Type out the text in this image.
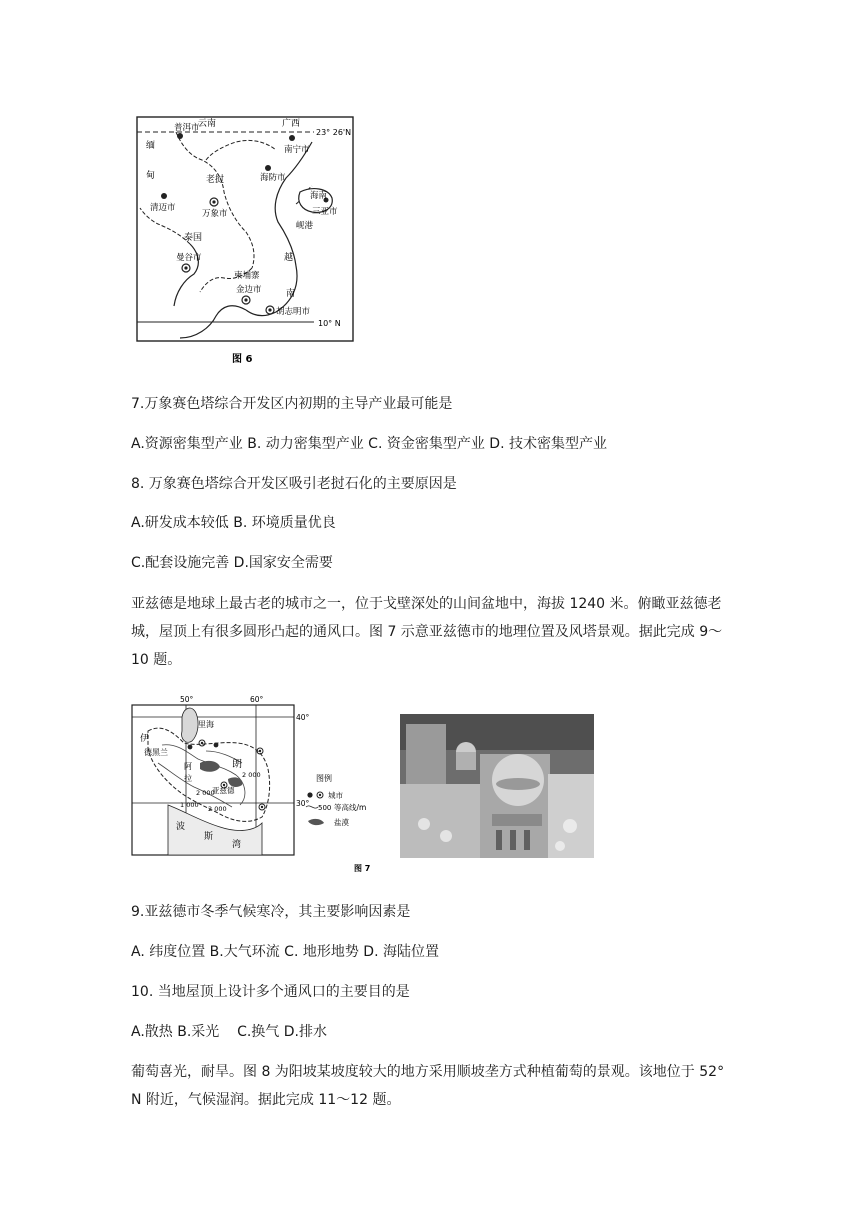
云南	广西
23° 26'N
普洱市
南宁市
缅
甸	老挝	海防市
清迈市
万象市
海南
三亚市
岘港
泰国
曼谷市
柬埔寨
越
南
金边市
胡志明市
10° N
图 6

7.万象赛色塔综合开发区内初期的主导产业最可能是

A.资源密集型产业 B. 动力密集型产业 C. 资金密集型产业 D. 技术密集型产业

8. 万象赛色塔综合开发区吸引老挝石化的主要原因是

A.研发成本较低 B. 环境质量优良

C.配套设施完善 D.国家安全需要

亚兹德是地球上最古老的城市之一，位于戈壁深处的山间盆地中，海拔 1240 米。俯瞰亚兹德老城，屋顶上有很多圆形凸起的通风口。图 7 示意亚兹德市的地理位置及风塔景观。据此完成 9～10 题。

50°	60°
40°
30°
里海
伊
德黑兰
阿
拉
朗
亚兹德
2 000
2 000
2 000
1 000
波
斯
湾
图例
城市
500 等高线/m
盐漠
图 7

9.亚兹德市冬季气候寒冷，其主要影响因素是

A. 纬度位置 B.大气环流 C. 地形地势 D. 海陆位置

10. 当地屋顶上设计多个通风口的主要目的是

A.散热 B.采光    C.换气 D.排水

葡萄喜光，耐旱。图 8 为阳坡某坡度较大的地方采用顺坡垄方式种植葡萄的景观。该地位于 52° N 附近，气候湿润。据此完成 11～12 题。
